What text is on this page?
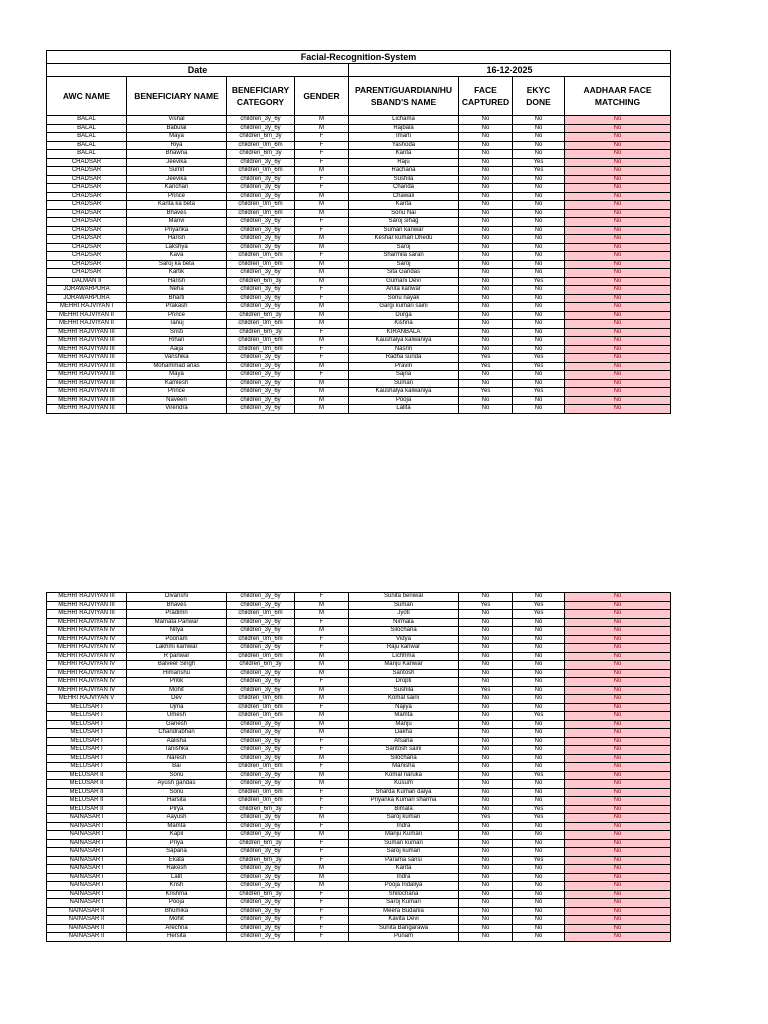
Facial-Recognition-System							
Date				16-12-2025			
AWC NAME	BENEFICIARY NAME	BENEFICIARY CATEGORY	GENDER	PARENT/GUARDIAN/HU SBAND'S NAME	FACE CAPTURED	EKYC DONE	AADHAAR FACE MATCHING
BALAL	Vishal	children_3y_6y	M	Lichama	No	No	No
BALAL	Babulal	children_3y_6y	M	Rajbala	No	No	No
BALAL	Maya	children_6m_3y	F	Imarti	No	No	No
BALAL	Riya	children_0m_6m	F	Yashoda	No	No	No
BALAL	Bhawna	children_6m_3y	F	Kanta	No	No	No
CHADSAR	Jeevika	children_3y_6y	F	Raju	No	Yes	No
CHADSAR	Sumit	children_0m_6m	M	Rachana	No	Yes	No
CHADSAR	Jeevika	children_3y_6y	F	Sushila	No	No	No
CHADSAR	Kanchan	children_3y_6y	F	Chanda	No	No	No
CHADSAR	Prince	children_3y_6y	M	Chawali	No	No	No
CHADSAR	Kanta ka beta	children_0m_6m	M	Kanta	No	No	No
CHADSAR	Bhaves	children_0m_6m	M	Sonu Nai	No	No	No
CHADSAR	Manvi	children_3y_6y	F	Saroj sihag	No	No	No
CHADSAR	Priyanka	children_3y_6y	F	Suman kanwar	No	No	No
CHADSAR	Harish	children_3y_6y	M	Keshar kumari Dhedu	No	No	No
CHADSAR	Lakshya	children_3y_6y	M	Saroj	No	No	No
CHADSAR	Kava	children_0m_6m	F	Sharmila saran	No	No	No
CHADSAR	Saroj ka beta	children_0m_6m	M	Saroj	No	No	No
CHADSAR	Kartik	children_3y_6y	M	Sita Gandas	No	No	No
DALMAN II	Harish	children_6m_3y	M	Gumani Devi	No	Yes	No
JORAWARPURA	Neha	children_3y_6y	F	Anita kanwar	No	No	No
JORAWARPURA	Bharti	children_3y_6y	F	Sonu nayak	No	No	No
MEHRI RAJVIYAN I	Prakash	children_3y_6y	M	Gargi kumari saini	No	No	No
MEHRI RAJVIYAN II	Prince	children_6m_3y	M	Durga	No	No	No
MEHRI RAJVIYAN II	Tanuj	children_0m_6m	M	Kishna	No	No	No
MEHRI RAJVIYAN III	Sristi	children_6m_3y	F	KIRANBALA	No	No	No
MEHRI RAJVIYAN III	Rihan	children_0m_6m	M	Kaushalya kalwaniya	No	No	No
MEHRI RAJVIYAN III	Aaija	children_0m_6m	F	Nasrin	No	No	No
MEHRI RAJVIYAN III	Vanshika	children_3y_6y	F	Radha sunda	Yes	Yes	No
MEHRI RAJVIYAN III	Mohammad anas	children_3y_6y	M	Pravin	Yes	Yes	No
MEHRI RAJVIYAN III	Maya	children_3y_6y	F	Sajna	No	No	No
MEHRI RAJVIYAN III	Kamlesh	children_3y_6y	M	Suman	No	No	No
MEHRI RAJVIYAN III	Prince	children_3y_6y	M	Kaushalya kalwaniya	Yes	Yes	No
MEHRI RAJVIYAN III	Naveen	children_3y_6y	M	Pooja	No	No	No
MEHRI RAJVIYAN III	Virendra	children_3y_6y	M	Lalita	No	No	No
MEHRI RAJVIYAN III	Divanshi	children_3y_6y	F	Sunita beniwal	No	No	No
MEHRI RAJVIYAN III	Bhaves	children_3y_6y	M	Suman	Yes	Yes	No
MEHRI RAJVIYAN III	Pradimn	children_0m_6m	M	Jyoti	No	Yes	No
MEHRI RAJVIYAN IV	Mamata Panwar	children_3y_6y	F	Nirmala	No	No	No
MEHRI RAJVIYAN IV	Nitya	children_3y_6y	M	Silochana	No	No	No
MEHRI RAJVIYAN IV	Poonam	children_0m_6m	F	Vidya	No	No	No
MEHRI RAJVIYAN IV	Lakhmi kamwar	children_3y_6y	F	Raju kanwar	No	No	No
MEHRI RAJVIYAN IV	R panwar	children_0m_6m	M	Lichhma	No	No	No
MEHRI RAJVIYAN IV	Balveer Singh	children_6m_3y	M	Manju Kanwar	No	No	No
MEHRI RAJVIYAN IV	Himanshu	children_3y_6y	M	Santosh	No	No	No
MEHRI RAJVIYAN IV	Pritik	children_3y_6y	F	Dropti	No	No	No
MEHRI RAJVIYAN IV	Mohit	children_3y_6y	M	Sushila	Yes	No	No
MEHRI RAJVIYAN V	Dev	children_0m_6m	M	Komal saini	No	No	No
MELUSAR I	Ujma	children_0m_6m	F	Najiya	No	No	No
MELUSAR I	Umesh	children_0m_6m	M	Mamta	No	Yes	No
MELUSAR I	Ganesh	children_3y_6y	M	Manju	No	No	No
MELUSAR I	Chandrabhan	children_3y_6y	M	Dakha	No	No	No
MELUSAR I	Aalisha	children_3y_6y	F	Afsana	No	No	No
MELUSAR I	Tanishka	children_3y_6y	F	Santosh saini	No	No	No
MELUSAR I	Naresh	children_3y_6y	M	Silochana	No	No	No
MELUSAR I	Bai	children_0m_6m	F	Manisha	No	No	No
MELUSAR II	Sonu	children_3y_6y	M	Komal naruka	No	Yes	No
MELUSAR II	Ayush gandas	children_3y_6y	M	Kusum	No	No	No
MELUSAR II	Sonu	children_0m_6m	F	Sharda Kumari daiya	No	No	No
MELUSAR II	Harsita	children_0m_6m	F	Priyanka Kumari sharma	No	No	No
MELUSAR II	Pirya	children_6m_3y	F	Bimala	No	Yes	No
NAINASAR I	Aayush	children_3y_6y	M	Saroj kumari	Yes	Yes	No
NAINASAR I	Mamta	children_3y_6y	F	Indra	No	No	No
NAINASAR I	Kapil	children_3y_6y	M	Manju Kumari	No	No	No
NAINASAR I	Priya	children_6m_3y	F	Suman kumari	No	No	No
NAINASAR I	Sapana	children_3y_6y	F	Saroj kumari	No	No	No
NAINASAR I	Ekata	children_6m_3y	F	Parama sansi	No	Yes	No
NAINASAR I	Rakesh	children_3y_6y	M	Kanta	No	No	No
NAINASAR I	Lalit	children_3y_6y	M	Indra	No	No	No
NAINASAR I	Krish	children_3y_6y	M	Pooja Indaliya	No	No	No
NAINASAR I	Krishma	children_6m_3y	F	Shilochana	No	No	No
NAINASAR I	Pooja	children_3y_6y	F	Saroj Kumari	No	No	No
NAINASAR II	Bhumika	children_3y_6y	F	Meera Budania	No	No	No
NAINASAR II	Mohit	children_3y_6y	F	Kavita Devi	No	No	No
NAINASAR II	Arechna	children_3y_6y	F	Sunita Bangarawa	No	No	No
NAINASAR II	Hersita	children_3y_6y	F	Punam	No	No	No
